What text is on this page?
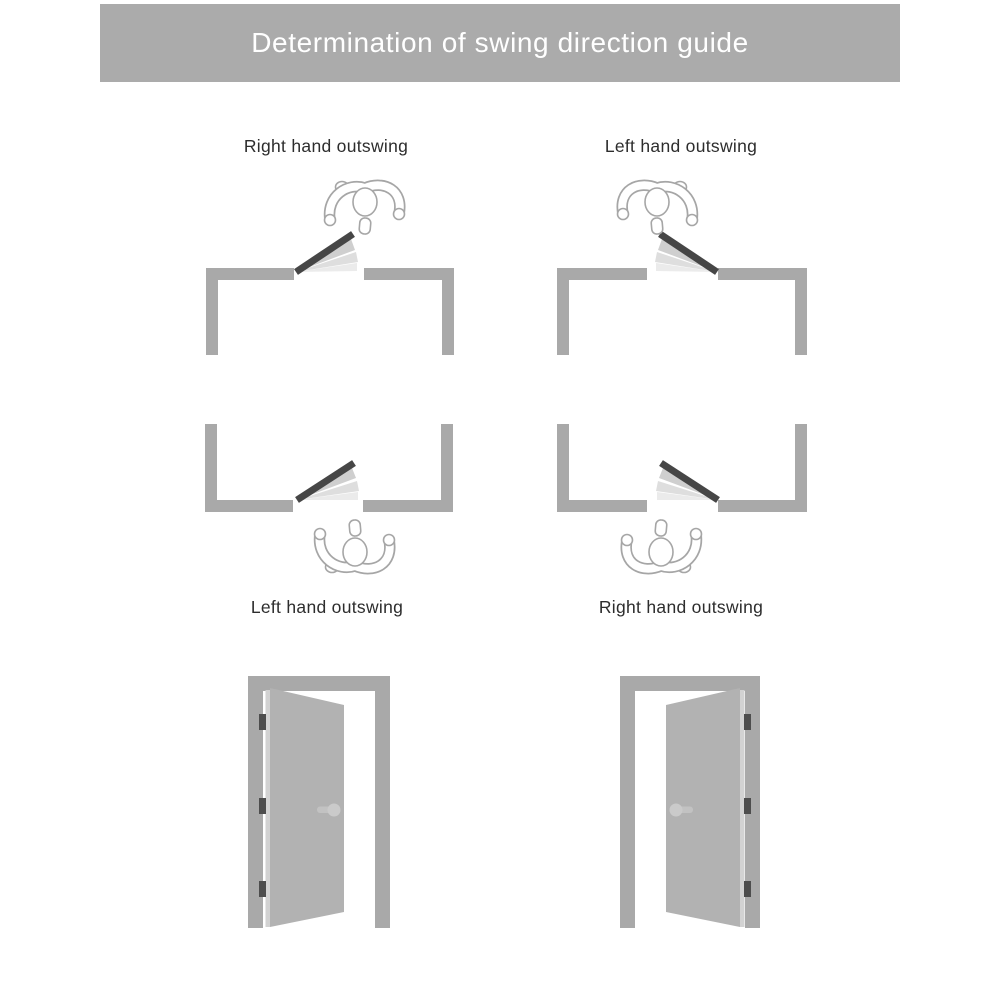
Determination of swing direction guide
Right hand outswing	Left hand outswing
Left hand outswing	Right hand outswing
